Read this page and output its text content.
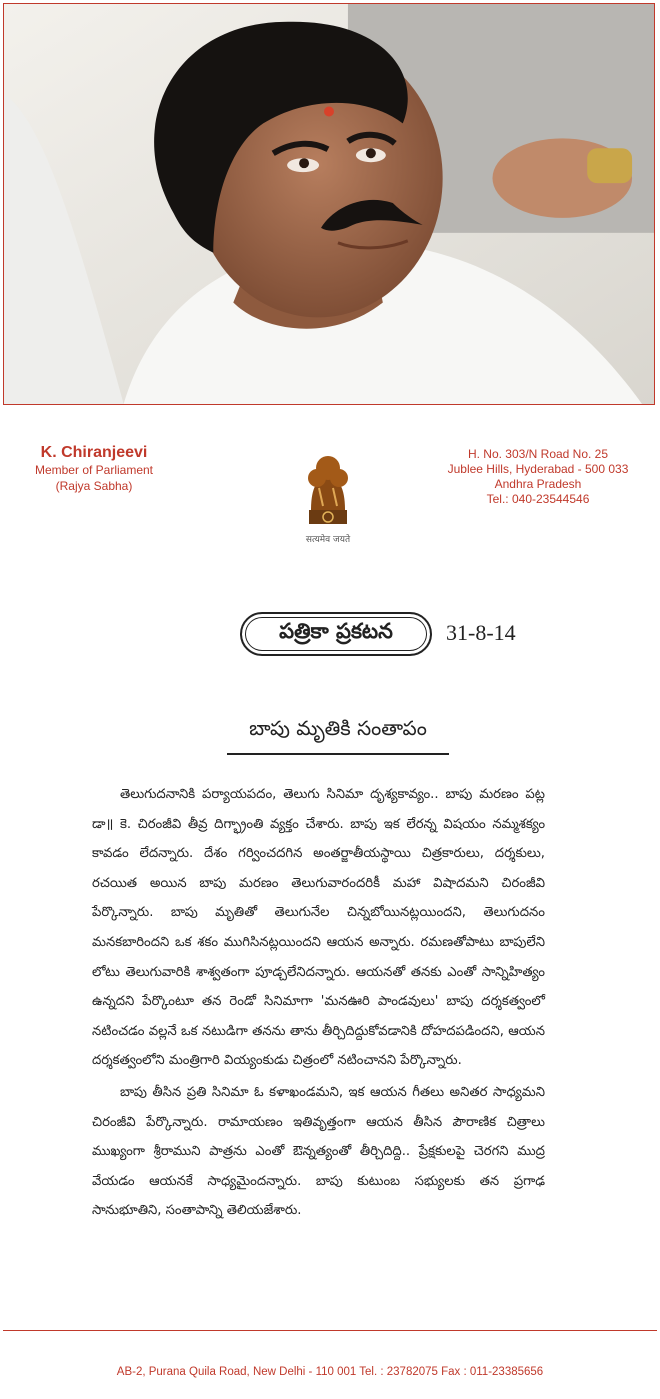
K. Chiranjeevi
Member of Parliament
(Rajya Sabha)
सत्यमेव जयते
H. No. 303/N Road No. 25
Jublee Hills, Hyderabad - 500 033
Andhra Pradesh
Tel.: 040-23544546
పత్రికా ప్రకటన	31-8-14
బాపు మృతికి సంతాపం

తెలుగుదనానికి పర్యాయపదం, తెలుగు సినిమా దృశ్యకావ్యం.. బాపు మరణం పట్ల డా॥ కె. చిరంజీవి తీవ్ర దిగ్భ్రాంతి వ్యక్తం చేశారు. బాపు ఇక లేరన్న విషయం నమ్మశక్యం కావడం లేదన్నారు. దేశం గర్వించదగిన అంతర్జాతీయస్థాయి చిత్రకారులు, దర్శకులు, రచయిత అయిన బాపు మరణం తెలుగువారందరికీ మహా విషాదమని చిరంజీవి పేర్కొన్నారు. బాపు మృతితో తెలుగునేల చిన్నబోయినట్లయిందని, తెలుగుదనం మనకబారిందని ఒక శకం ముగిసినట్లయిందని ఆయన అన్నారు. రమణతోపాటు బాపులేని లోటు తెలుగువారికి శాశ్వతంగా పూడ్చలేనిదన్నారు. ఆయనతో తనకు ఎంతో సాన్నిహిత్యం ఉన్నదని పేర్కొంటూ తన రెండో సినిమాగా 'మనఊరి పాండవులు' బాపు దర్శకత్వంలో నటించడం వల్లనే ఒక నటుడిగా తనను తాను తీర్చిదిద్దుకోవడానికి దోహదపడిందని, ఆయన దర్శకత్వంలోని మంత్రిగారి వియ్యంకుడు చిత్రంలో నటించానని పేర్కొన్నారు.

బాపు తీసిన ప్రతి సినిమా ఓ కళాఖండమని, ఇక ఆయన గీతలు అనితర సాధ్యమని చిరంజీవి పేర్కొన్నారు. రామాయణం ఇతివృత్తంగా ఆయన తీసిన పౌరాణిక చిత్రాలు ముఖ్యంగా శ్రీరాముని పాత్రను ఎంతో ఔన్నత్యంతో తీర్చిదిద్ది.. ప్రేక్షకులపై చెరగని ముద్ర వేయడం ఆయనకే సాధ్యమైందన్నారు. బాపు కుటుంబ సభ్యులకు తన ప్రగాఢ సానుభూతిని, సంతాపాన్ని తెలియజేశారు.

AB-2, Purana Quila Road, New Delhi - 110 001 Tel. : 23782075 Fax : 011-23385656
